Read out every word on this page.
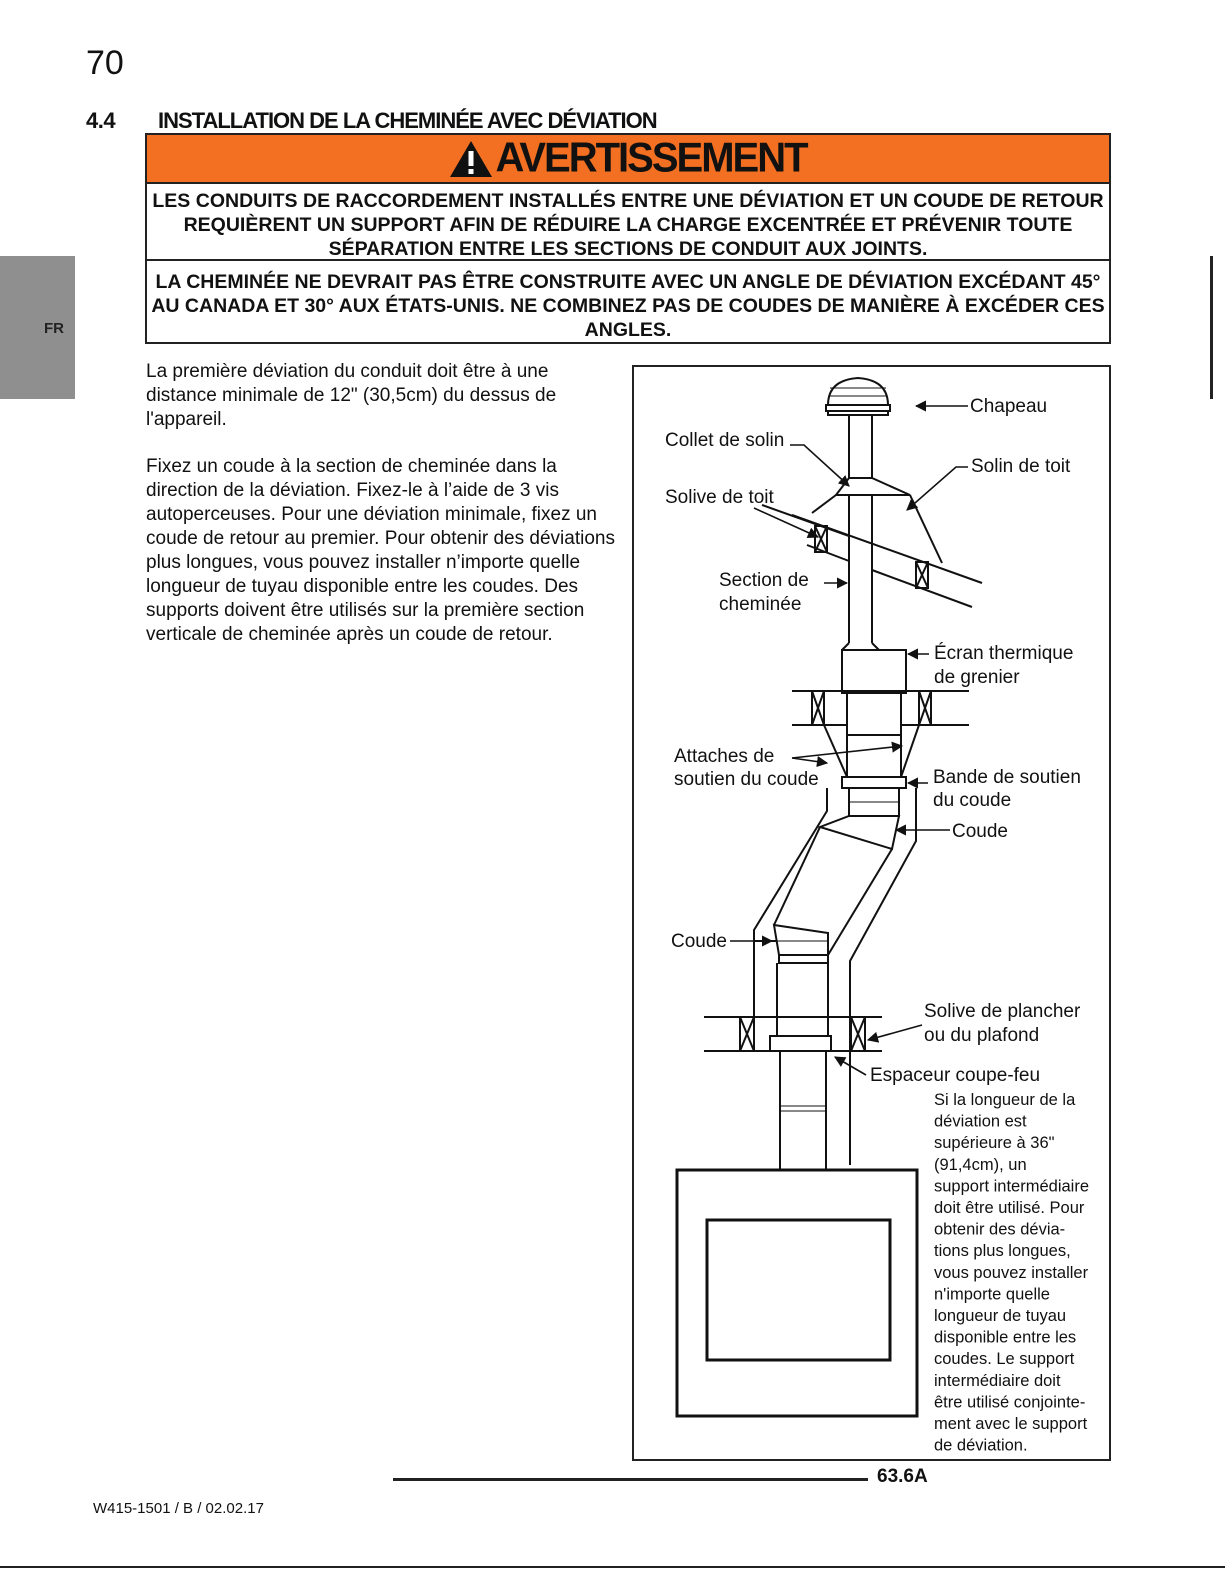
70
4.4 INSTALLATION DE LA CHEMINÉE AVEC DÉVIATION
FR
AVERTISSEMENT
LES CONDUITS DE RACCORDEMENT INSTALLÉS ENTRE UNE DÉVIATION ET UN COUDE DE RETOUR REQUIÈRENT UN SUPPORT AFIN DE RÉDUIRE LA CHARGE EXCENTRÉE ET PRÉVENIR TOUTE SÉPARATION ENTRE LES SECTIONS DE CONDUIT AUX JOINTS.
LA CHEMINÉE NE DEVRAIT PAS ÊTRE CONSTRUITE AVEC UN ANGLE DE DÉVIATION EXCÉDANT 45° AU CANADA ET 30° AUX ÉTATS-UNIS. NE COMBINEZ PAS DE COUDES DE MANIÈRE À EXCÉDER CES ANGLES.
La première déviation du conduit doit être à une distance minimale de 12" (30,5cm) du dessus de l'appareil.
Fixez un coude à la section de cheminée dans la direction de la déviation. Fixez-le à l’aide de 3 vis autoperceuses. Pour une déviation minimale, fixez un coude de retour au premier. Pour obtenir des déviations plus longues, vous pouvez installer n’importe quelle longueur de tuyau disponible entre les coudes. Des supports doivent être utilisés sur la première section verticale de cheminée après un coude de retour.
Chapeau
Collet de solin
Solin de toit
Solive de toit
Section de
cheminée
Écran thermique
de grenier
Attaches de
soutien du coude	Bande de soutien
du coude
Coude
Coude
Solive de plancher
ou du plafond
Espaceur coupe-feu
Si la longueur de la
déviation est
supérieure à 36"
(91,4cm), un
support intermédiaire
doit être utilisé. Pour
obtenir des dévia-
tions plus longues,
vous pouvez installer
n'importe quelle
longueur de tuyau
disponible entre les
coudes. Le support
intermédiaire doit
être utilisé conjointe-
ment avec le support
de déviation.
63.6A
W415-1501 / B / 02.02.17
